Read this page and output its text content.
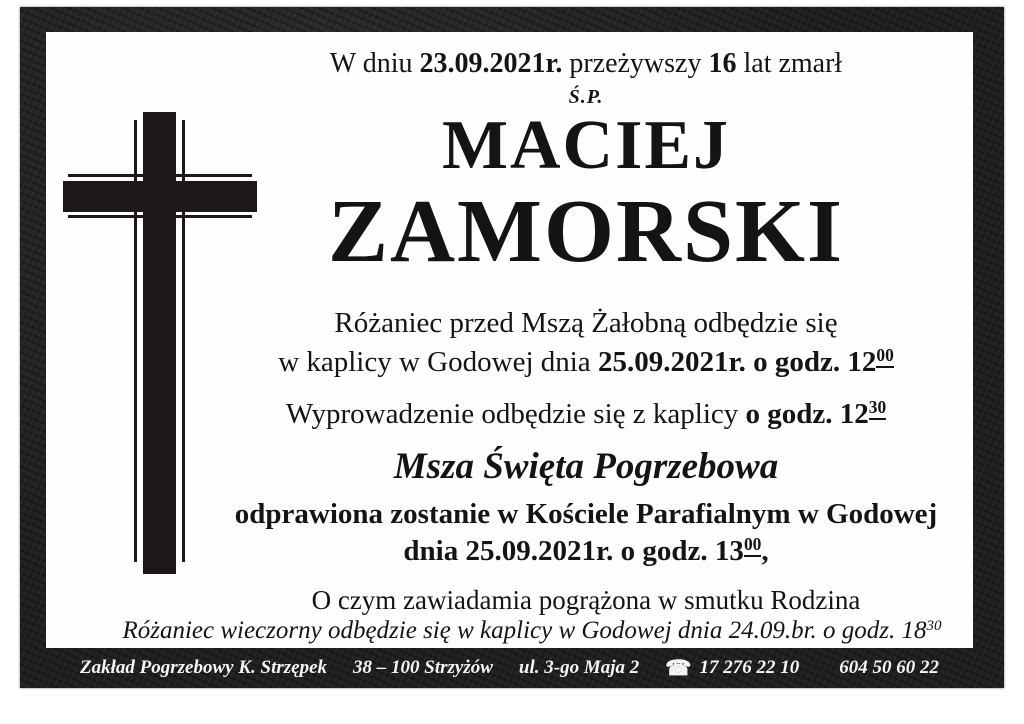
W dniu 23.09.2021r. przeżywszy 16 lat zmarł

Ś.P.

MACIEJ

ZAMORSKI

Różaniec przed Mszą Żałobną odbędzie się

w kaplicy w Godowej dnia 25.09.2021r. o godz. 1200

Wyprowadzenie odbędzie się z kaplicy o godz. 1230

Msza Święta Pogrzebowa

odprawiona zostanie w Kościele Parafialnym w Godowej

dnia 25.09.2021r. o godz. 1300,

O czym zawiadamia pogrążona w smutku Rodzina

Różaniec wieczorny odbędzie się w kaplicy w Godowej dnia 24.09.br. o godz. 1830

Zakład Pogrzebowy K. Strzępek 38 – 100 Strzyżów ul. 3-go Maja 2 ☎ 17 276 22 10 604 50 60 22
